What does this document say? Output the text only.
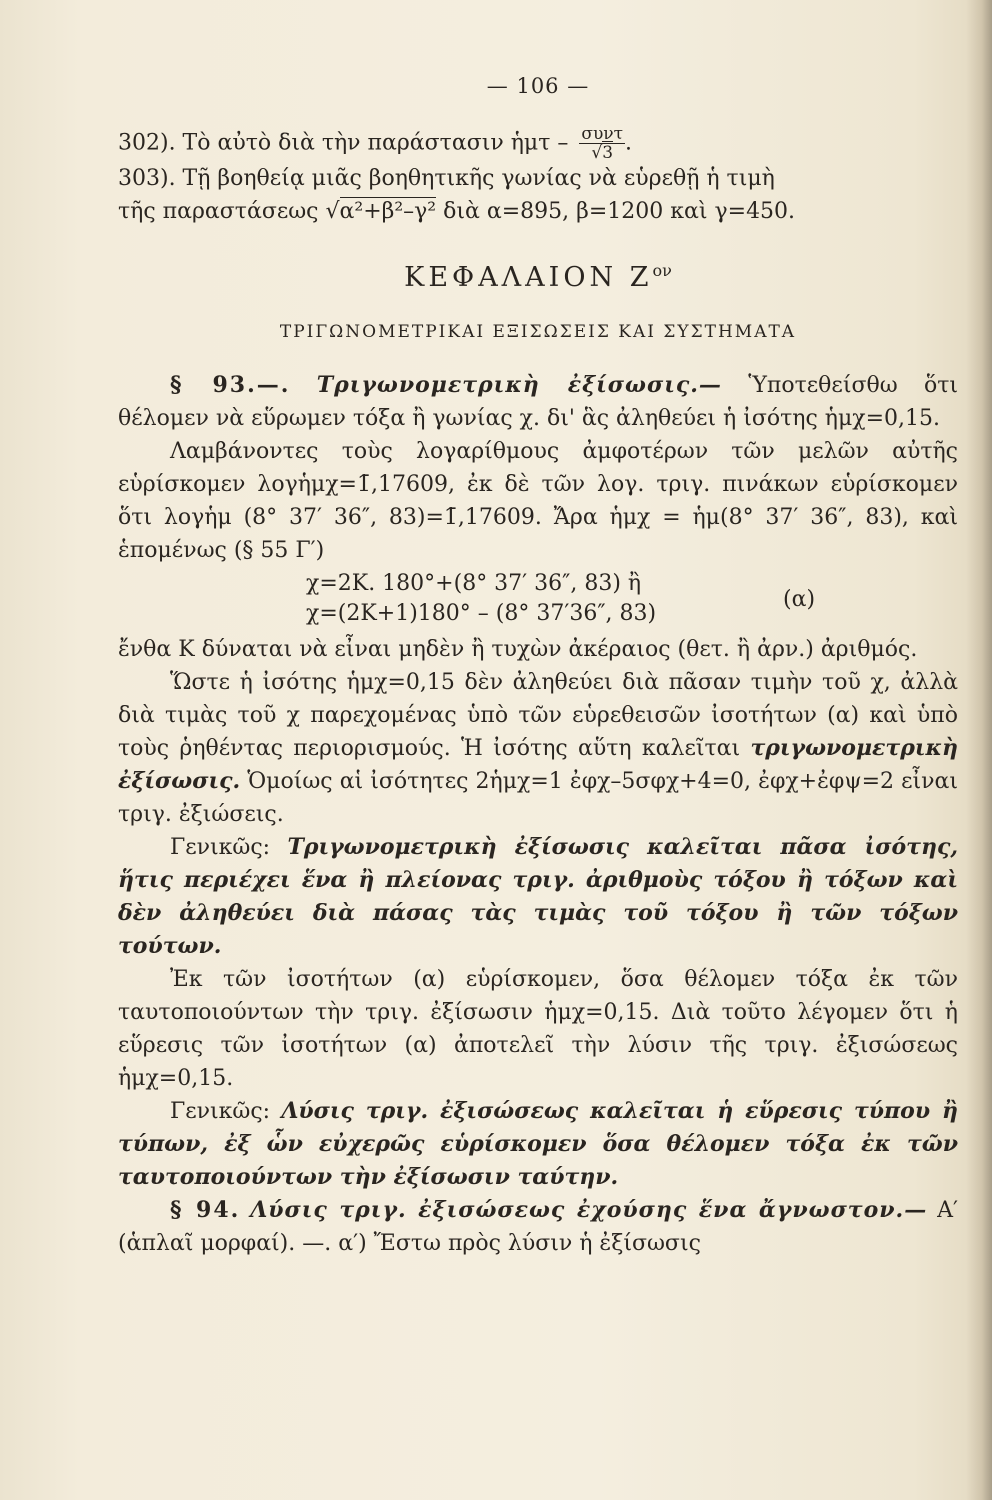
— 106 —

302). Τὸ αὐτὸ διὰ τὴν παράστασιν ἡμτ – $\frac{\text{συντ}}{√3}$ .

303). Τῇ βοηθείᾳ μιᾶς βοηθητικῆς γωνίας νὰ εὑρεθῇ ἡ τιμὴ

τῆς παραστάσεως √α²+β²–γ² διὰ α=895, β=1200 καὶ γ=450.

ΚΕΦΑΛΑΙΟΝ $Z^{o\nu}$
ΤΡΙΓΩΝΟΜΕΤΡΙΚΑΙ ΕΞΙΣΩΣΕΙΣ ΚΑΙ ΣΥΣΤΗΜΑΤΑ

§ 93.—. Τριγωνομετρικὴ ἐξίσωσις.— Ὑποτεθείσθω ὅτι θέλομεν νὰ εὕρωμεν τόξα ἢ γωνίας χ. δι' ἃς ἀληθεύει ἡ ἰσότης ἡμχ=0,15.

Λαμβάνοντες τοὺς λογαρίθμους ἀμφοτέρων τῶν μελῶν αὐτῆς εὑρίσκομεν λογἡμχ=1̄,17609, ἐκ δὲ τῶν λογ. τριγ. πινάκων εὑρίσκομεν ὅτι λογἡμ (8° 37′ 36″, 83)=1̄,17609. Ἄρα ἡμχ = ἡμ(8° 37′ 36″, 83), καὶ ἑπομένως (§ 55 Γ′)

χ=2Κ. 180°+(8° 37′ 36″, 83) ἢ
χ=(2Κ+1)180° – (8° 37′36″, 83)
(α)

ἔνθα Κ δύναται νὰ εἶναι μηδὲν ἢ τυχὼν ἀκέραιος (θετ. ἢ ἀρν.) ἀριθμός.

Ὥστε ἡ ἰσότης ἡμχ=0,15 δὲν ἀληθεύει διὰ πᾶσαν τιμὴν τοῦ χ, ἀλλὰ διὰ τιμὰς τοῦ χ παρεχομένας ὑπὸ τῶν εὑρεθεισῶν ἰσοτήτων (α) καὶ ὑπὸ τοὺς ῥηθέντας περιορισμούς. Ἡ ἰσότης αὕτη καλεῖται τριγωνομετρικὴ ἐξίσωσις. Ὁμοίως αἱ ἰσότητες 2ἡμχ=1 ἐφχ–5σφχ+4=0, ἐφχ+ἐφψ=2 εἶναι τριγ. ἐξιώσεις.

Γενικῶς: Τριγωνομετρικὴ ἐξίσωσις καλεῖται πᾶσα ἰσότης, ἥτις περιέχει ἕνα ἢ πλείονας τριγ. ἀριθμοὺς τόξου ἢ τόξων καὶ δὲν ἀληθεύει διὰ πάσας τὰς τιμὰς τοῦ τόξου ἢ τῶν τόξων τούτων.

Ἐκ τῶν ἰσοτήτων (α) εὑρίσκομεν, ὅσα θέλομεν τόξα ἐκ τῶν ταυτοποιούντων τὴν τριγ. ἐξίσωσιν ἡμχ=0,15. Διὰ τοῦτο λέγομεν ὅτι ἡ εὕρεσις τῶν ἰσοτήτων (α) ἀποτελεῖ τὴν λύσιν τῆς τριγ. ἐξισώσεως ἡμχ=0,15.

Γενικῶς: Λύσις τριγ. ἐξισώσεως καλεῖται ἡ εὕρεσις τύπου ἢ τύπων, ἐξ ὧν εὐχερῶς εὑρίσκομεν ὅσα θέλομεν τόξα ἐκ τῶν ταυτοποιούντων τὴν ἐξίσωσιν ταύτην.

§ 94. Λύσις τριγ. ἐξισώσεως ἐχούσης ἕνα ἄγνωστον.— Α′ (ἁπλαῖ μορφαί). —. α′) Ἔστω πρὸς λύσιν ἡ ἐξίσωσις
